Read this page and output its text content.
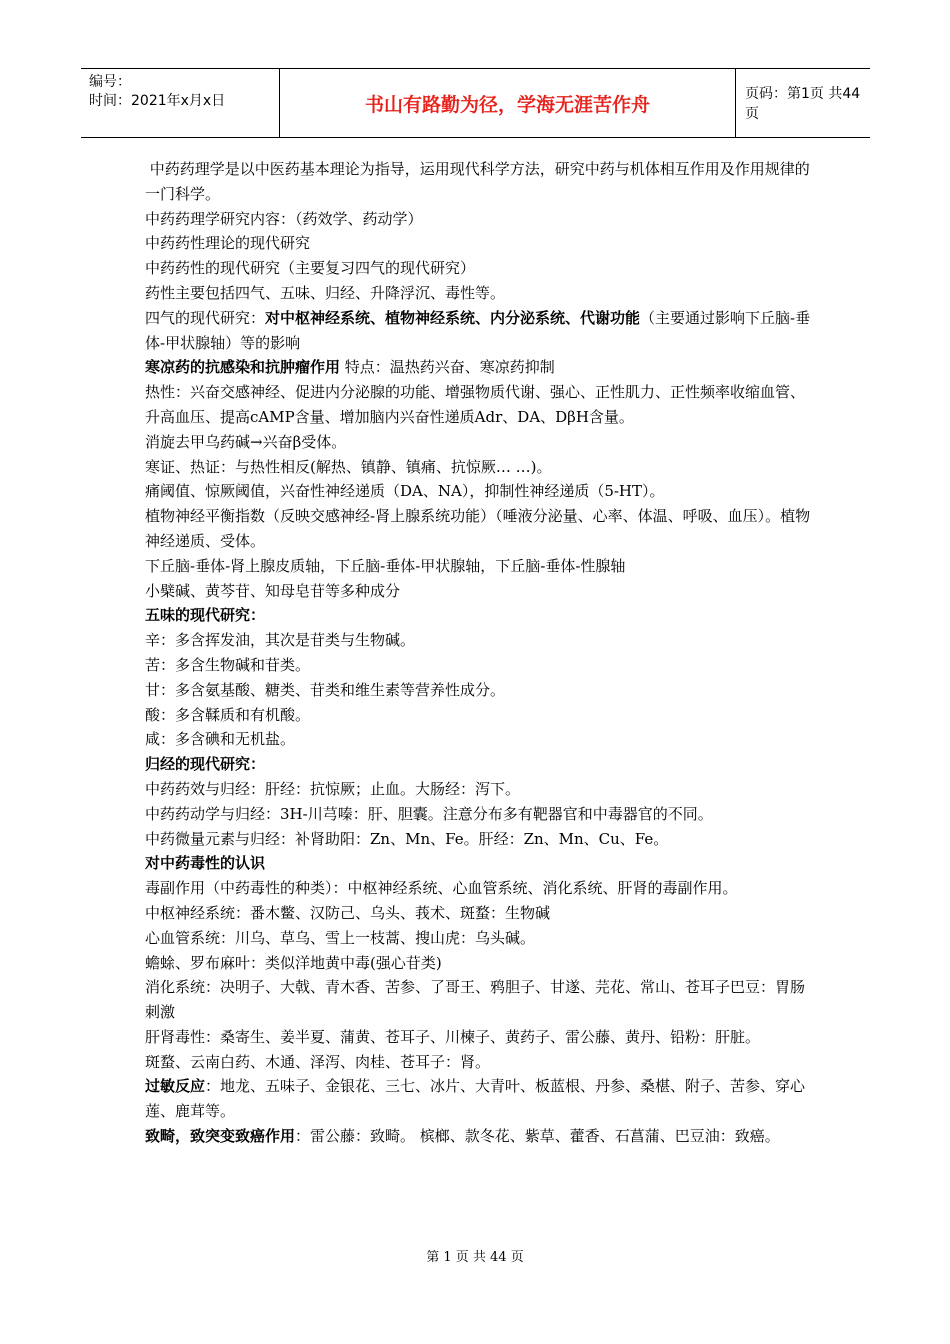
编号：
时间：2021年x月x日	书山有路勤为径，学海无涯苦作舟	页码：第1页 共44页

中药药理学是以中医药基本理论为指导，运用现代科学方法，研究中药与机体相互作用及作用规律的一门科学。

中药药理学研究内容：（药效学、药动学）

中药药性理论的现代研究

中药药性的现代研究（主要复习四气的现代研究）

药性主要包括四气、五味、归经、升降浮沉、毒性等。

四气的现代研究：对中枢神经系统、植物神经系统、内分泌系统、代谢功能（主要通过影响下丘脑-垂体-甲状腺轴）等的影响

寒凉药的抗感染和抗肿瘤作用 特点：温热药兴奋、寒凉药抑制

热性：兴奋交感神经、促进内分泌腺的功能、增强物质代谢、强心、正性肌力、正性频率收缩血管、升高血压、提高cAMP含量、增加脑内兴奋性递质Adr、DA、DβH含量。

消旋去甲乌药碱→兴奋β受体。

寒证、热证：与热性相反(解热、镇静、镇痛、抗惊厥… …)。

痛阈值、惊厥阈值，兴奋性神经递质（DA、NA），抑制性神经递质（5-HT）。

植物神经平衡指数（反映交感神经-肾上腺系统功能）（唾液分泌量、心率、体温、呼吸、血压）。植物神经递质、受体。

下丘脑-垂体-肾上腺皮质轴，下丘脑-垂体-甲状腺轴，下丘脑-垂体-性腺轴

小檗碱、黄芩苷、知母皂苷等多种成分

五味的现代研究：

辛：多含挥发油，其次是苷类与生物碱。

苦：多含生物碱和苷类。

甘：多含氨基酸、糖类、苷类和维生素等营养性成分。

酸：多含鞣质和有机酸。

咸：多含碘和无机盐。

归经的现代研究：

中药药效与归经：肝经：抗惊厥；止血。大肠经：泻下。

中药药动学与归经：3H-川芎嗪：肝、胆囊。注意分布多有靶器官和中毒器官的不同。

中药微量元素与归经：补肾助阳：Zn、Mn、Fe。肝经：Zn、Mn、Cu、Fe。

对中药毒性的认识

毒副作用（中药毒性的种类）：中枢神经系统、心血管系统、消化系统、肝肾的毒副作用。

中枢神经系统：番木鳖、汉防己、乌头、莪术、斑蝥：生物碱

心血管系统：川乌、草乌、雪上一枝蒿、搜山虎：乌头碱。

蟾蜍、罗布麻叶：类似洋地黄中毒(强心苷类)

消化系统：决明子、大戟、青木香、苦参、了哥王、鸦胆子、甘遂、芫花、常山、苍耳子巴豆：胃肠刺激

肝肾毒性：桑寄生、姜半夏、蒲黄、苍耳子、川楝子、黄药子、雷公藤、黄丹、铅粉：肝脏。

斑蝥、云南白药、木通、泽泻、肉桂、苍耳子：肾。

过敏反应：地龙、五味子、金银花、三七、冰片、大青叶、板蓝根、丹参、桑椹、附子、苦参、穿心莲、鹿茸等。

致畸，致突变致癌作用：雷公藤：致畸。 槟榔、款冬花、紫草、藿香、石菖蒲、巴豆油：致癌。

第 1 页 共 44 页
